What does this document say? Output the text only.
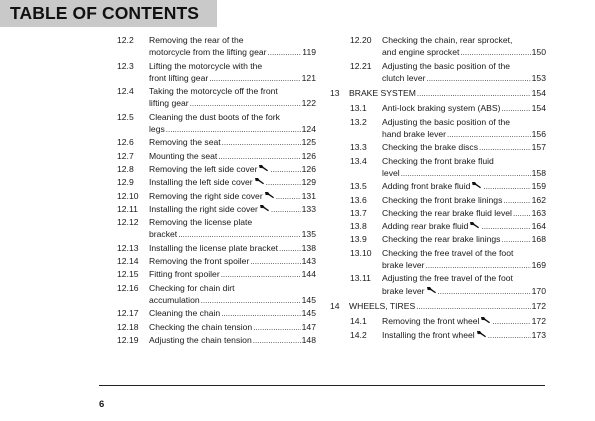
TABLE OF CONTENTS
12.2 Removing the rear of the
motorcycle from the lifting gear .....	119
12.3 Lifting the motorcycle with the
front lifting gear .....	121
12.4 Taking the motorcycle off the front
lifting gear .....	122
12.5 Cleaning the dust boots of the fork
legs .....	124
12.6 Removing the seat .....	125
12.7 Mounting the seat .....	126
12.8 Removing the left side cover .....	126
12.9 Installing the left side cover .....	129
12.10 Removing the right side cover .....	131
12.11 Installing the right side cover .....	133
12.12 Removing the license plate
bracket .....	135
12.13 Installing the license plate bracket .....	138
12.14 Removing the front spoiler .....	143
12.15 Fitting front spoiler .....	144
12.16 Checking for chain dirt
accumulation .....	145
12.17 Cleaning the chain .....	145
12.18 Checking the chain tension .....	147
12.19 Adjusting the chain tension .....	148
12.20 Checking the chain, rear sprocket,
and engine sprocket .....	150
12.21 Adjusting the basic position of the
clutch lever .....	153
13 BRAKE SYSTEM .....	154
13.1 Anti-lock braking system (ABS) .....	154
13.2 Adjusting the basic position of the
hand brake lever .....	156
13.3 Checking the brake discs .....	157
13.4 Checking the front brake fluid
level .....	158
13.5 Adding front brake fluid .....	159
13.6 Checking the front brake linings .....	162
13.7 Checking the rear brake fluid level ..... 163
13.8 Adding rear brake fluid .....	164
13.9 Checking the rear brake linings .....	168
13.10 Checking the free travel of the foot
brake lever .....	169
13.11 Adjusting the free travel of the foot
brake lever .....	170
14 WHEELS, TIRES .....	172
14.1 Removing the front wheel .....	172
14.2 Installing the front wheel .....	173
6
